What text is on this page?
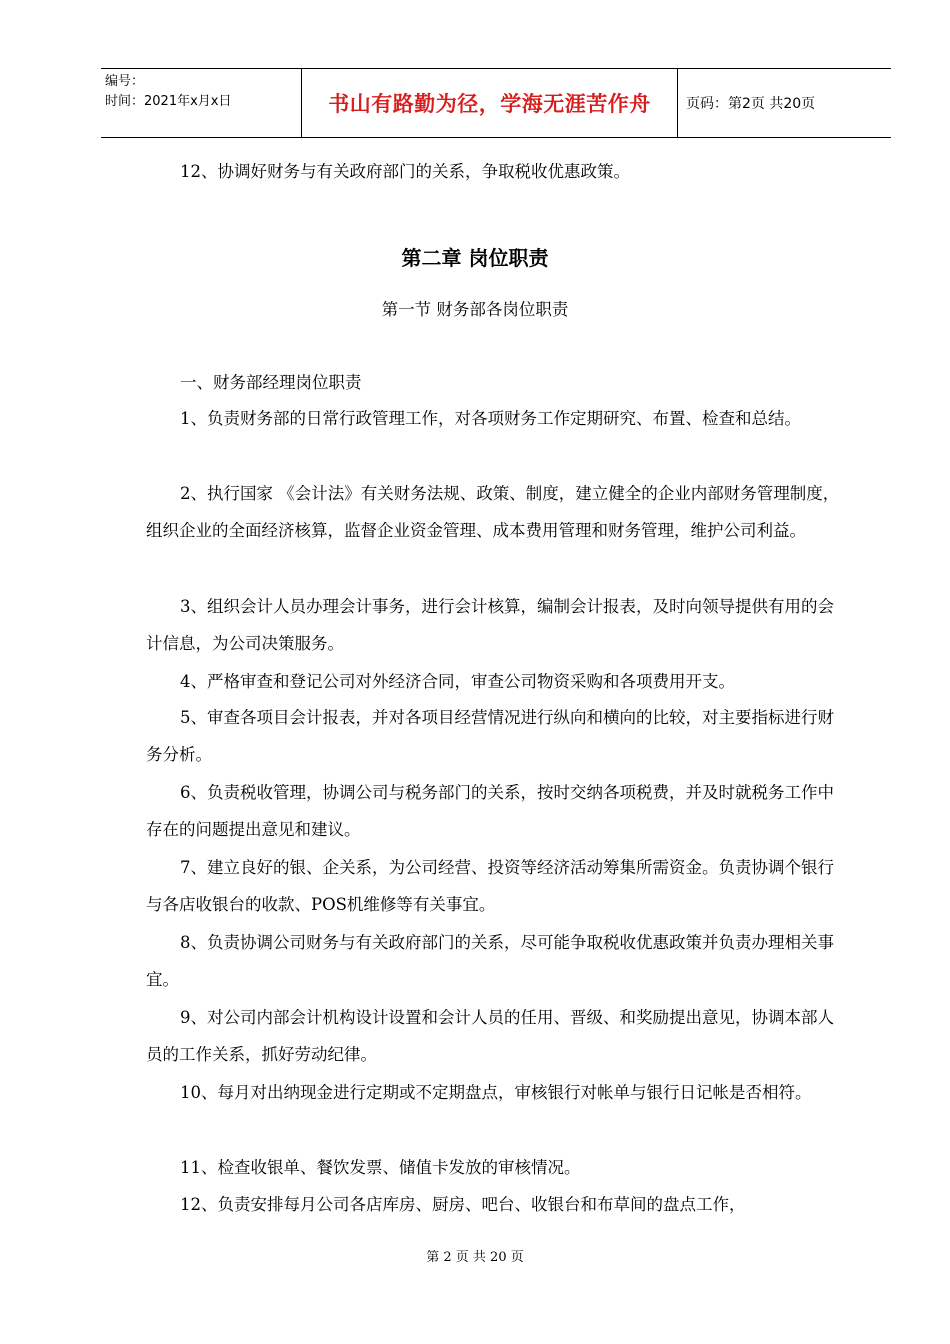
编号：
时间：2021年x月x日	书山有路勤为径，学海无涯苦作舟	页码：第2页 共20页

12、协调好财务与有关政府部门的关系，争取税收优惠政策。

第二章 岗位职责
第一节 财务部各岗位职责

一、财务部经理岗位职责

1、负责财务部的日常行政管理工作，对各项财务工作定期研究、布置、检查和总结。

2、执行国家 《会计法》有关财务法规、政策、制度，建立健全的企业内部财务管理制度，组织企业的全面经济核算，监督企业资金管理、成本费用管理和财务管理，维护公司利益。

3、组织会计人员办理会计事务，进行会计核算，编制会计报表，及时向领导提供有用的会计信息，为公司决策服务。

4、严格审查和登记公司对外经济合同，审查公司物资采购和各项费用开支。

5、审查各项目会计报表，并对各项目经营情况进行纵向和横向的比较，对主要指标进行财务分析。

6、负责税收管理，协调公司与税务部门的关系，按时交纳各项税费，并及时就税务工作中存在的问题提出意见和建议。

7、建立良好的银、企关系，为公司经营、投资等经济活动筹集所需资金。负责协调个银行与各店收银台的收款、POS机维修等有关事宜。

8、负责协调公司财务与有关政府部门的关系，尽可能争取税收优惠政策并负责办理相关事宜。

9、对公司内部会计机构设计设置和会计人员的任用、晋级、和奖励提出意见，协调本部人员的工作关系，抓好劳动纪律。

10、每月对出纳现金进行定期或不定期盘点，审核银行对帐单与银行日记帐是否相符。

11、检查收银单、餐饮发票、储值卡发放的审核情况。

12、负责安排每月公司各店库房、厨房、吧台、收银台和布草间的盘点工作，

第 2 页 共 20 页
